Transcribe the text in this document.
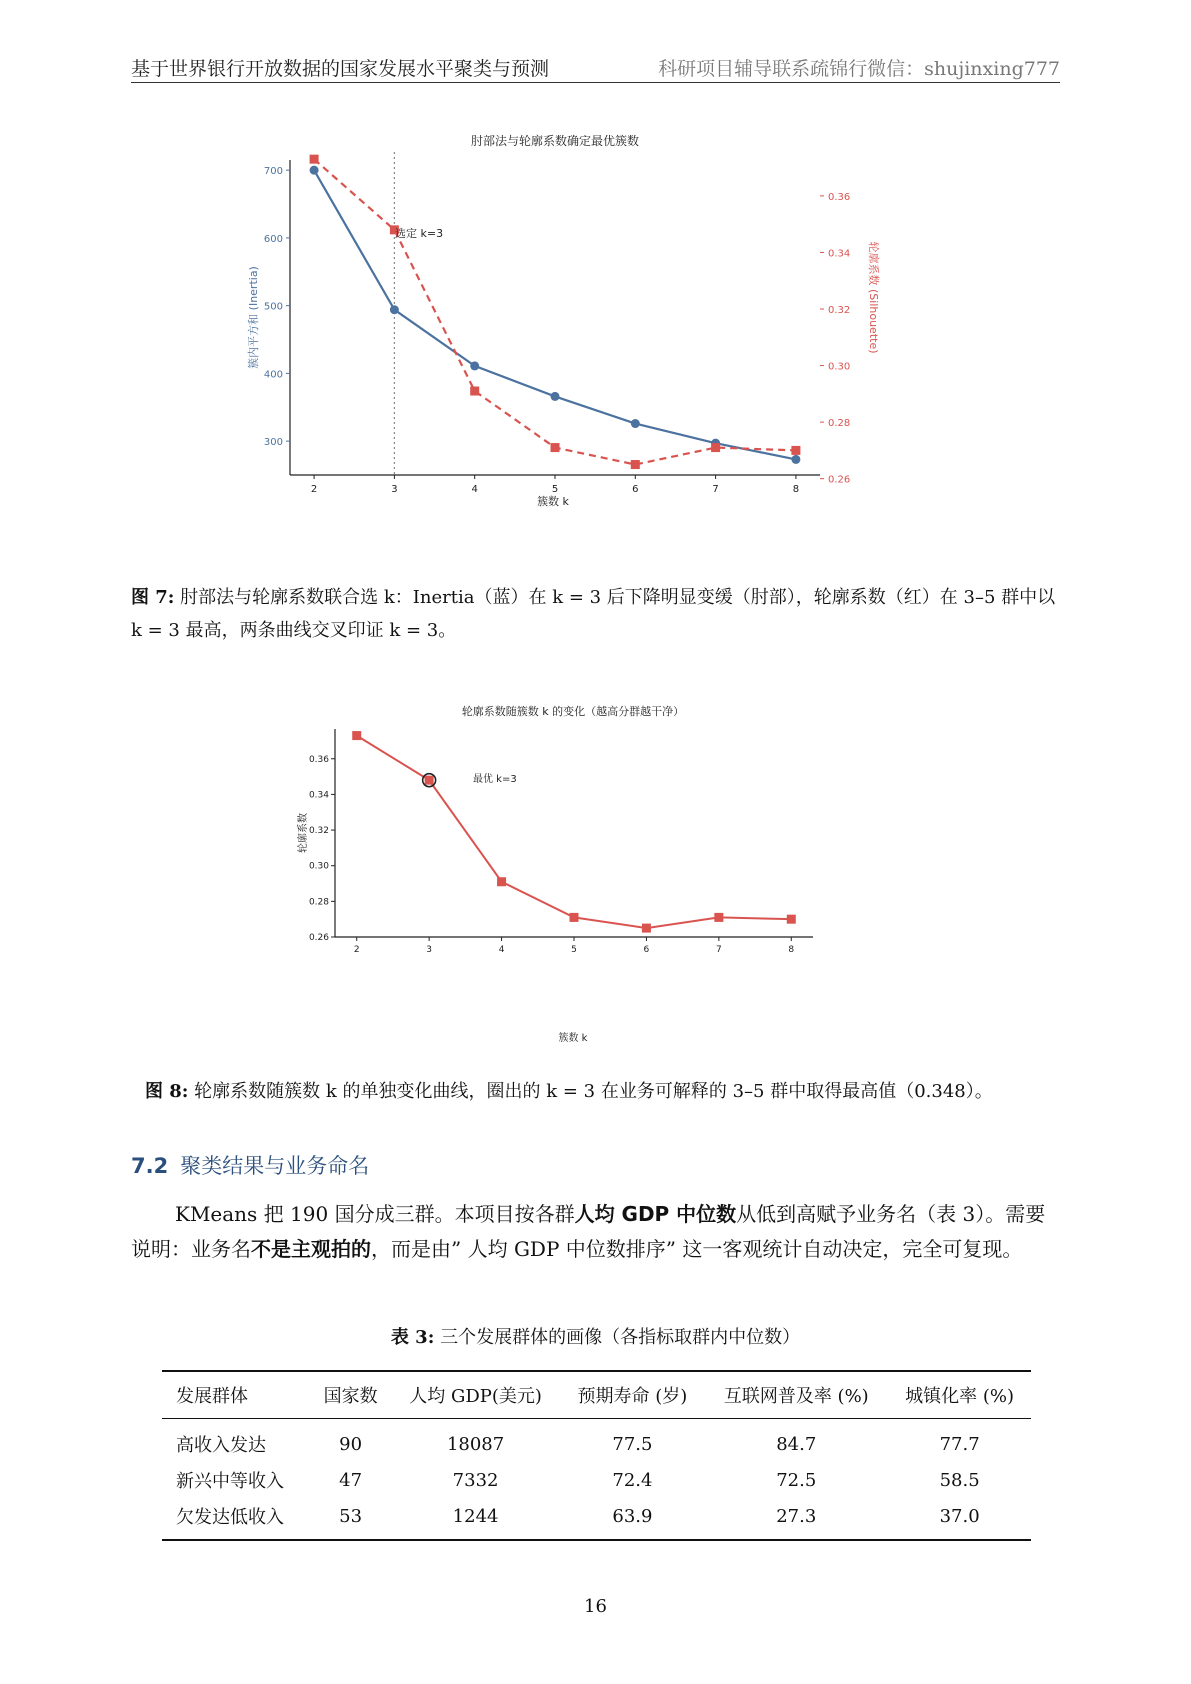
基于世界银行开放数据的国家发展水平聚类与预测	科研项目辅导联系疏锦行微信：shujinxing777
肘部法与轮廓系数确定最优簇数
2	3	4	5	6	7	8
300
400
500
600
700
0.26
0.28
0.30
0.32
0.34
0.36
簇数 k
簇内平方和 (Inertia)	轮廓系数 (Silhouette)
选定 k=3
图 7: 肘部法与轮廓系数联合选 k：Inertia（蓝）在 k = 3 后下降明显变缓（肘部），轮廓系数（红）在 3–5 群中以 k = 3 最高，两条曲线交叉印证 k = 3。
轮廓系数随簇数 k 的变化（越高分群越干净）
2	3	4	5	6	7	8
0.26
0.28
0.30
0.32
0.34
0.36
簇数 k
轮廓系数
最优 k=3
图 8: 轮廓系数随簇数 k 的单独变化曲线，圈出的 k = 3 在业务可解释的 3–5 群中取得最高值（0.348）。
7.2 聚类结果与业务命名
KMeans 把 190 国分成三群。本项目按各群人均 GDP 中位数从低到高赋予业务名（表 3）。需要说明：业务名不是主观拍的，而是由” 人均 GDP 中位数排序” 这一客观统计自动决定，完全可复现。
表 3: 三个发展群体的画像（各指标取群内中位数）
发展群体	国家数	人均 GDP(美元)	预期寿命 (岁)	互联网普及率 (%)	城镇化率 (%)
高收入发达	90	18087	77.5	84.7	77.7
新兴中等收入	47	7332	72.4	72.5	58.5
欠发达低收入	53	1244	63.9	27.3	37.0
16
